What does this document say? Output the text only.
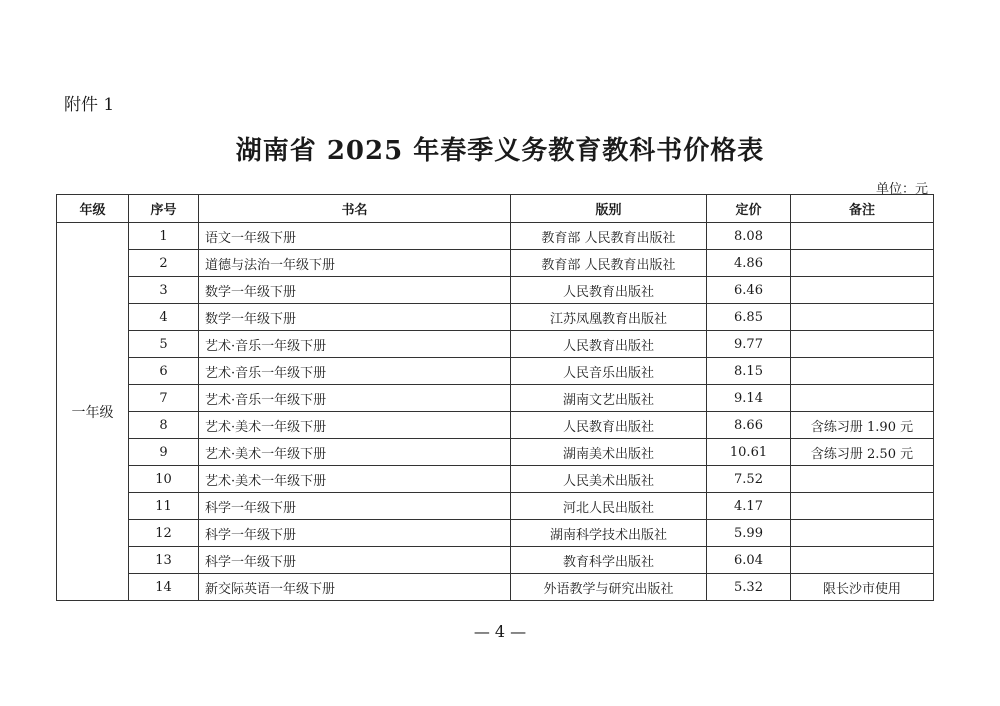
附件 1
湖南省 2025 年春季义务教育教科书价格表
单位：元
年级	序号	书名	版别	定价	备注
一年级	1	语文一年级下册	教育部 人民教育出版社	8.08	
	2	道德与法治一年级下册	教育部 人民教育出版社	4.86	
	3	数学一年级下册	人民教育出版社	6.46	
	4	数学一年级下册	江苏凤凰教育出版社	6.85	
	5	艺术·音乐一年级下册	人民教育出版社	9.77	
	6	艺术·音乐一年级下册	人民音乐出版社	8.15	
	7	艺术·音乐一年级下册	湖南文艺出版社	9.14	
	8	艺术·美术一年级下册	人民教育出版社	8.66	含练习册 1.90 元
	9	艺术·美术一年级下册	湖南美术出版社	10.61	含练习册 2.50 元
	10	艺术·美术一年级下册	人民美术出版社	7.52	
	11	科学一年级下册	河北人民出版社	4.17	
	12	科学一年级下册	湖南科学技术出版社	5.99	
	13	科学一年级下册	教育科学出版社	6.04	
	14	新交际英语一年级下册	外语教学与研究出版社	5.32	限长沙市使用
— 4 —
